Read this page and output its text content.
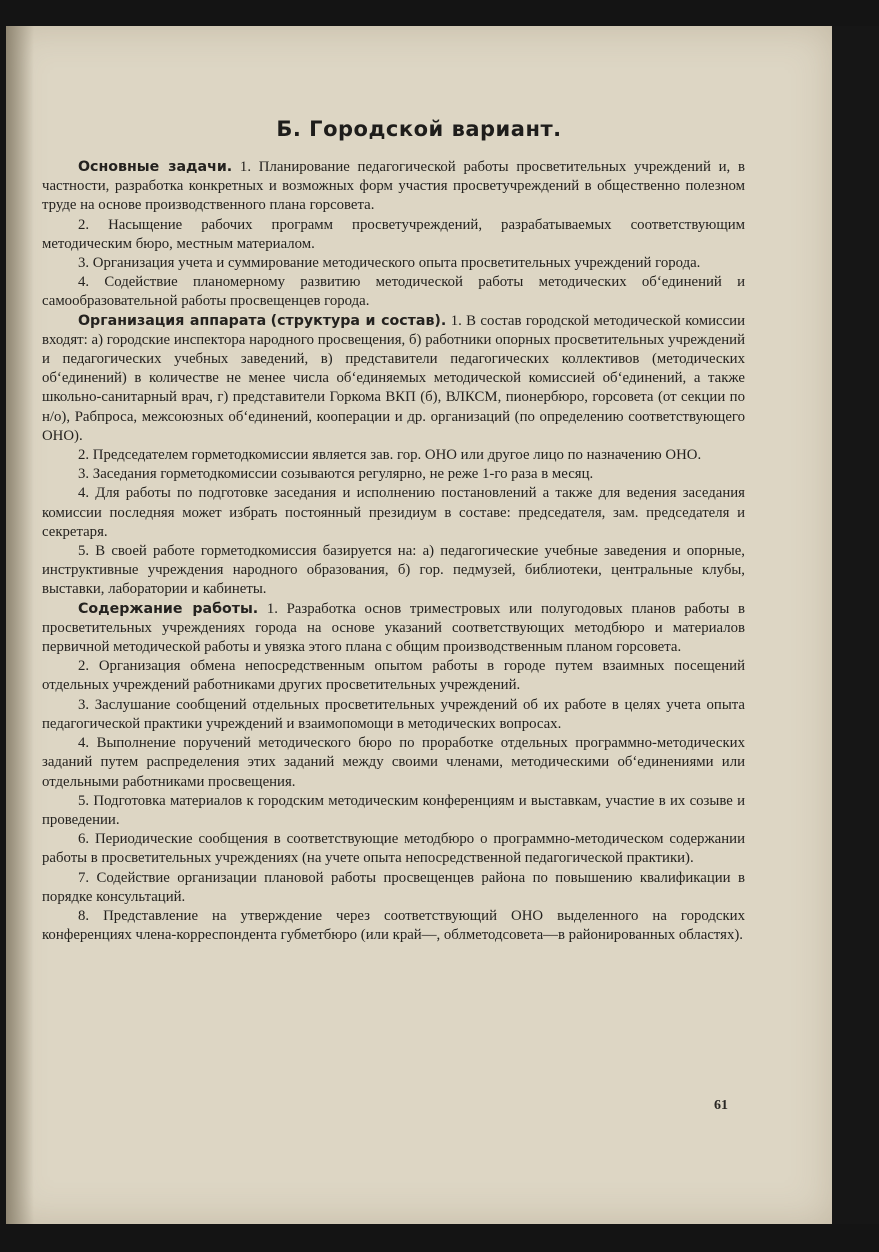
Б. Городской вариант.

Основные задачи. 1. Планирование педагогической работы просветительных учреждений и, в частности, разработка конкретных и возможных форм участия просветучреждений в общественно полезном труде на основе производственного плана горсовета.

2. Насыщение рабочих программ просветучреждений, разрабатываемых соответствующим методическим бюро, местным материалом.

3. Организация учета и суммирование методического опыта просветительных учреждений города.

4. Содействие планомерному развитию методической работы методических об‘единений и самообразовательной работы просвещенцев города.

Организация аппарата (структура и состав). 1. В состав городской методической комиссии входят: а) городские инспектора народного просвещения, б) работники опорных просветительных учреждений и педагогических учебных заведений, в) представители педагогических коллективов (методических об‘единений) в количестве не менее числа об‘единяемых методической комиссией об‘единений, а также школьно-санитарный врач, г) представители Горкома ВКП (б), ВЛКСМ, пионербюро, горсовета (от секции по н/о), Рабпроса, межсоюзных об‘единений, кооперации и др. организаций (по определению соответствующего ОНО).

2. Председателем горметодкомиссии является зав. гор. ОНО или другое лицо по назначению ОНО.

3. Заседания горметодкомиссии созываются регулярно, не реже 1-го раза в месяц.

4. Для работы по подготовке заседания и исполнению постановлений а также для ведения заседания комиссии последняя может избрать постоянный президиум в составе: председателя, зам. председателя и секретаря.

5. В своей работе горметодкомиссия базируется на: а) педагогические учебные заведения и опорные, инструктивные учреждения народного образования, б) гор. педмузей, библиотеки, центральные клубы, выставки, лаборатории и кабинеты.

Содержание работы. 1. Разработка основ триместровых или полугодовых планов работы в просветительных учреждениях города на основе указаний соответствующих методбюро и материалов первичной методической работы и увязка этого плана с общим производственным планом горсовета.

2. Организация обмена непосредственным опытом работы в городе путем взаимных посещений отдельных учреждений работниками других просветительных учреждений.

3. Заслушание сообщений отдельных просветительных учреждений об их работе в целях учета опыта педагогической практики учреждений и взаимопомощи в методических вопросах.

4. Выполнение поручений методического бюро по проработке отдельных программно-методических заданий путем распределения этих заданий между своими членами, методическими об‘единениями или отдельными работниками просвещения.

5. Подготовка материалов к городским методическим конференциям и выставкам, участие в их созыве и проведении.

6. Периодические сообщения в соответствующие методбюро о программно-методическом содержании работы в просветительных учреждениях (на учете опыта непосредственной педагогической практики).

7. Содействие организации плановой работы просвещенцев района по повышению квалификации в порядке консультаций.

8. Представление на утверждение через соответствующий ОНО выделенного на городских конференциях члена-корреспондента губметбюро (или край—, облметодсовета—в районированных областях).

61
